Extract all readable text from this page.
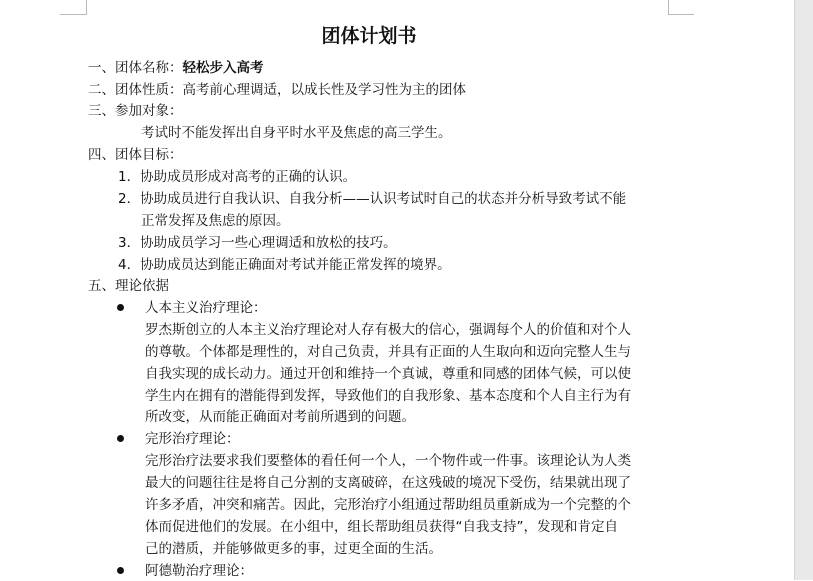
团体计划书
一、团体名称：轻松步入高考
二、团体性质：高考前心理调适，以成长性及学习性为主的团体
三、参加对象：
考试时不能发挥出自身平时水平及焦虑的高三学生。
四、团体目标：
1．协助成员形成对高考的正确的认识。
2．协助成员进行自我认识、自我分析——认识考试时自己的状态并分析导致考试不能
正常发挥及焦虑的原因。
3．协助成员学习一些心理调适和放松的技巧。
4．协助成员达到能正确面对考试并能正常发挥的境界。
五、理论依据
人本主义治疗理论：
罗杰斯创立的人本主义治疗理论对人存有极大的信心，强调每个人的价值和对个人
的尊敬。个体都是理性的，对自己负责，并具有正面的人生取向和迈向完整人生与
自我实现的成长动力。通过开创和维持一个真诚，尊重和同感的团体气候，可以使
学生内在拥有的潜能得到发挥，导致他们的自我形象、基本态度和个人自主行为有
所改变，从而能正确面对考前所遇到的问题。
完形治疗理论：
完形治疗法要求我们要整体的看任何一个人，一个物件或一件事。该理论认为人类
最大的问题往往是将自己分割的支离破碎，在这残破的境况下受伤，结果就出现了
许多矛盾，冲突和痛苦。因此，完形治疗小组通过帮助组员重新成为一个完整的个
体而促进他们的发展。在小组中，组长帮助组员获得“自我支持”，发现和肯定自
己的潜质，并能够做更多的事，过更全面的生活。
阿德勒治疗理论：
